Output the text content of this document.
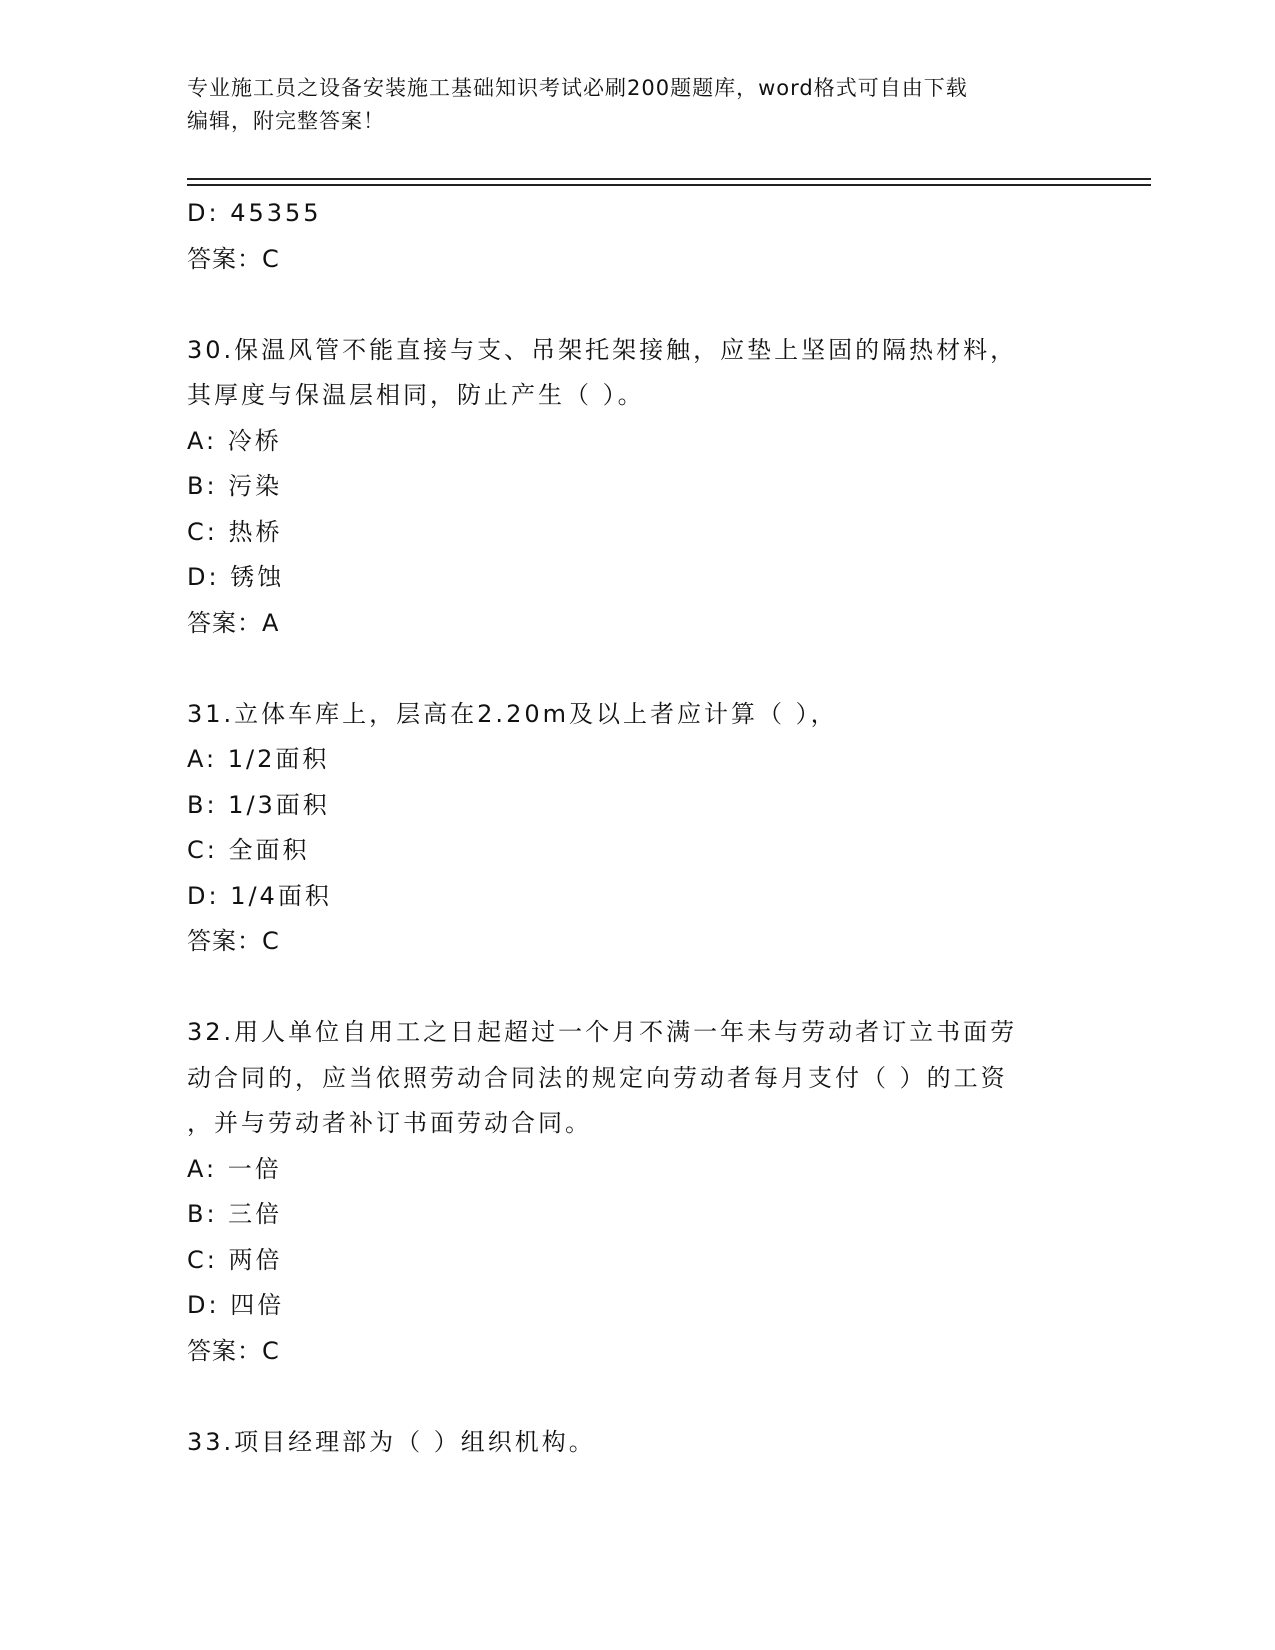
专业施工员之设备安装施工基础知识考试必刷200题题库，word格式可自由下载
编辑，附完整答案！
D: 45355
答案：C
30.保温风管不能直接与支、吊架托架接触，应垫上坚固的隔热材料，
其厚度与保温层相同，防止产生（ ）。
A: 冷桥
B: 污染
C: 热桥
D: 锈蚀
答案：A
31.立体车库上，层高在2.20m及以上者应计算（ ），
A: 1/2面积
B: 1/3面积
C: 全面积
D: 1/4面积
答案：C
32.用人单位自用工之日起超过一个月不满一年未与劳动者订立书面劳
动合同的，应当依照劳动合同法的规定向劳动者每月支付（ ）的工资
，并与劳动者补订书面劳动合同。
A: 一倍
B: 三倍
C: 两倍
D: 四倍
答案：C
33.项目经理部为（ ）组织机构。
